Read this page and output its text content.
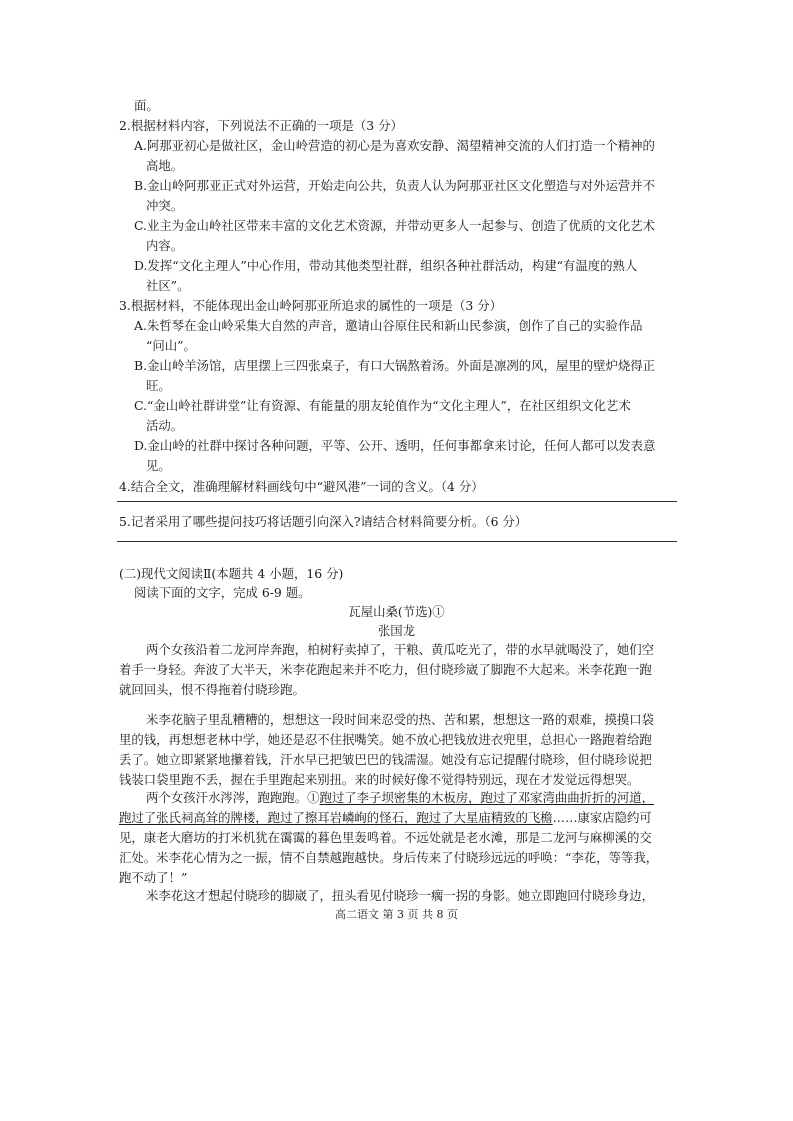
面。
2.根据材料内容，下列说法不正确的一项是（3 分）
A.阿那亚初心是做社区，金山岭营造的初心是为喜欢安静、渴望精神交流的人们打造一个精神的
高地。
B.金山岭阿那亚正式对外运营，开始走向公共，负责人认为阿那亚社区文化塑造与对外运营并不
冲突。
C.业主为金山岭社区带来丰富的文化艺术资源，并带动更多人一起参与、创造了优质的文化艺术
内容。
D.发挥“文化主理人”中心作用，带动其他类型社群，组织各种社群活动，构建“有温度的熟人
社区”。
3.根据材料，不能体现出金山岭阿那亚所追求的属性的一项是（3 分）
A.朱哲琴在金山岭采集大自然的声音，邀请山谷原住民和新山民参演，创作了自己的实验作品
“问山”。
B.金山岭羊汤馆，店里摆上三四张桌子，有口大锅熬着汤。外面是凛冽的风，屋里的壁炉烧得正
旺。
C.“金山岭社群讲堂”让有资源、有能量的朋友轮值作为“文化主理人”，在社区组织文化艺术
活动。
D.金山岭的社群中探讨各种问题，平等、公开、透明，任何事都拿来讨论，任何人都可以发表意
见。
4.结合全文，准确理解材料画线句中“避风港”一词的含义。（4 分）
5.记者采用了哪些提问技巧将话题引向深入?请结合材料简要分析。（6 分）
(二)现代文阅读Ⅱ(本题共 4 小题，16 分)
阅读下面的文字，完成 6-9 题。
瓦屋山桑(节选)①
张国龙
两个女孩沿着二龙河岸奔跑，柏树籽卖掉了，干粮、黄瓜吃光了，带的水早就喝没了，她们空
着手一身轻。奔波了大半天，米李花跑起来并不吃力，但付晓珍崴了脚跑不大起来。米李花跑一跑
就回回头，恨不得拖着付晓珍跑。
米李花脑子里乱糟糟的，想想这一段时间来忍受的热、苦和累，想想这一路的艰难，摸摸口袋
里的钱，再想想老林中学，她还是忍不住抿嘴笑。她不放心把钱放进衣兜里，总担心一路跑着给跑
丢了。她立即紧紧地攥着钱，汗水早已把皱巴巴的钱濡湿。她没有忘记提醒付晓珍，但付晓珍说把
钱装口袋里跑不丢，握在手里跑起来别扭。来的时候好像不觉得特别远，现在才发觉远得想哭。
两个女孩汗水涔涔，跑跑跑。①跑过了李子坝密集的木板房，跑过了邓家湾曲曲折折的河道，
跑过了张氏祠高耸的牌楼，跑过了擦耳岩嶙峋的怪石，跑过了大星庙精致的飞檐……康家店隐约可
见，康老大磨坊的打米机犹在霭霭的暮色里轰鸣着。不远处就是老水滩，那是二龙河与麻柳溪的交
汇处。米李花心情为之一振，情不自禁越跑越快。身后传来了付晓珍远远的呼唤：“李花，等等我，
跑不动了！”
米李花这才想起付晓珍的脚崴了，扭头看见付晓珍一瘸一拐的身影。她立即跑回付晓珍身边，
高二语文 第 3 页 共 8 页
